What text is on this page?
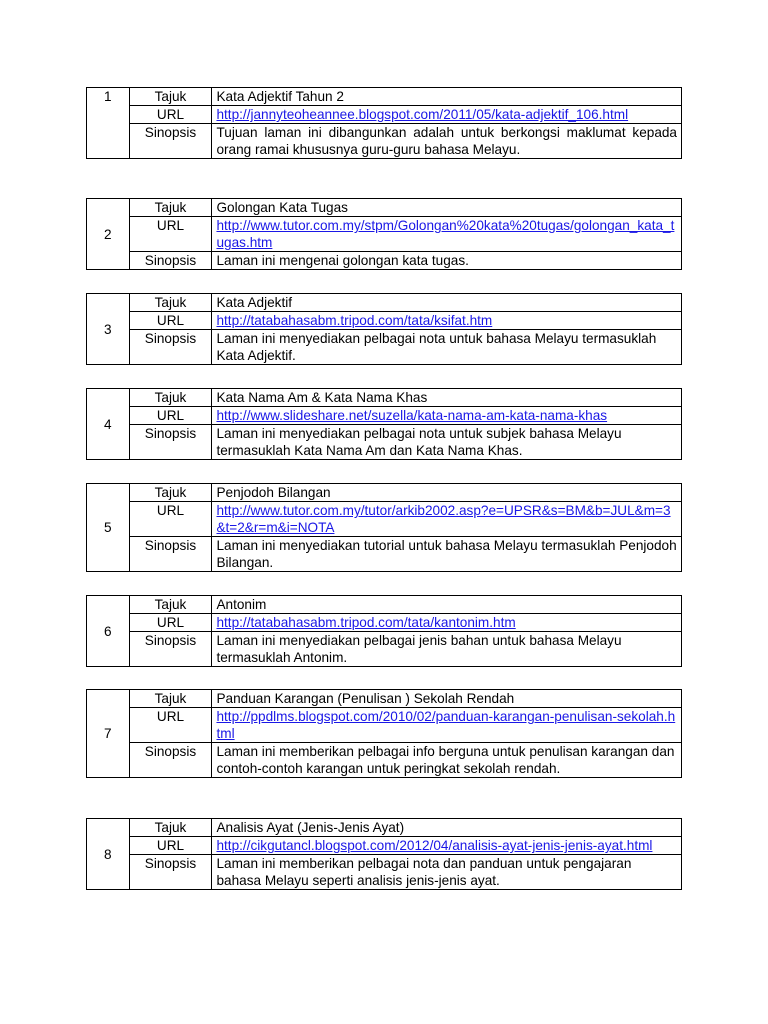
1	Tajuk	Kata Adjektif Tahun 2
	URL	http://jannyteoheannee.blogspot.com/2011/05/kata-adjektif_106.html
	Sinopsis	Tujuan laman ini dibangunkan adalah untuk berkongsi maklumat kepada orang ramai khususnya guru-guru bahasa Melayu.
2	Tajuk	Golongan Kata Tugas
	URL	http://www.tutor.com.my/stpm/Golongan%20kata%20tugas/golongan_kata_tugas.htm
	Sinopsis	Laman ini mengenai golongan kata tugas.
3	Tajuk	Kata Adjektif
	URL	http://tatabahasabm.tripod.com/tata/ksifat.htm
	Sinopsis	Laman ini menyediakan pelbagai nota untuk bahasa Melayu termasuklah Kata Adjektif.
4	Tajuk	Kata Nama Am & Kata Nama Khas
	URL	http://www.slideshare.net/suzella/kata-nama-am-kata-nama-khas
	Sinopsis	Laman ini menyediakan pelbagai nota untuk subjek bahasa Melayu termasuklah Kata Nama Am dan Kata Nama Khas.
5	Tajuk	Penjodoh Bilangan
	URL	http://www.tutor.com.my/tutor/arkib2002.asp?e=UPSR&s=BM&b=JUL&m=3&t=2&r=m&i=NOTA
	Sinopsis	Laman ini menyediakan tutorial untuk bahasa Melayu termasuklah Penjodoh Bilangan.
6	Tajuk	Antonim
	URL	http://tatabahasabm.tripod.com/tata/kantonim.htm
	Sinopsis	Laman ini menyediakan pelbagai jenis bahan untuk bahasa Melayu termasuklah Antonim.
7	Tajuk	Panduan Karangan (Penulisan ) Sekolah Rendah
	URL	http://ppdlms.blogspot.com/2010/02/panduan-karangan-penulisan-sekolah.html
	Sinopsis	Laman ini memberikan pelbagai info berguna untuk penulisan karangan dan contoh-contoh karangan untuk peringkat sekolah rendah.
8	Tajuk	Analisis Ayat (Jenis-Jenis Ayat)
	URL	http://cikgutancl.blogspot.com/2012/04/analisis-ayat-jenis-jenis-ayat.html
	Sinopsis	Laman ini memberikan pelbagai nota dan panduan untuk pengajaran bahasa Melayu seperti analisis jenis-jenis ayat.
